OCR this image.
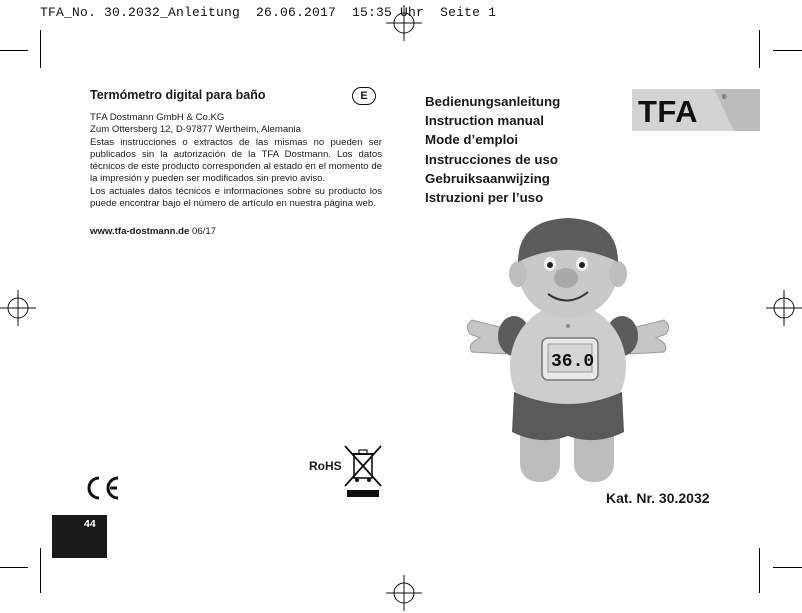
TFA_No. 30.2032_Anleitung  26.06.2017  15:35 Uhr  Seite 1
Termómetro digital para baño	E

TFA Dostmann GmbH & Co.KG

Zum Ottersberg 12, D-97877 Wertheim, Alemania

Estas instrucciones o extractos de las mismas no pueden ser publicados sin la autorización de la TFA Dostmann. Los datos técnicos de este producto corresponden al estado en el momento de la impresión y pueden ser modificados sin previo aviso.

Los actuales datos técnicos e informaciones sobre su producto los puede encontrar bajo el número de artículo en nuestra página web.

www.tfa-dostmann.de 06/17
44
RoHS
Bedienungsanleitung
Instruction manual
Mode d’emploi
Instrucciones de uso
Gebruiksaanwijzing
Istruzioni per l’uso
TFA	®
36.0
Kat. Nr. 30.2032
